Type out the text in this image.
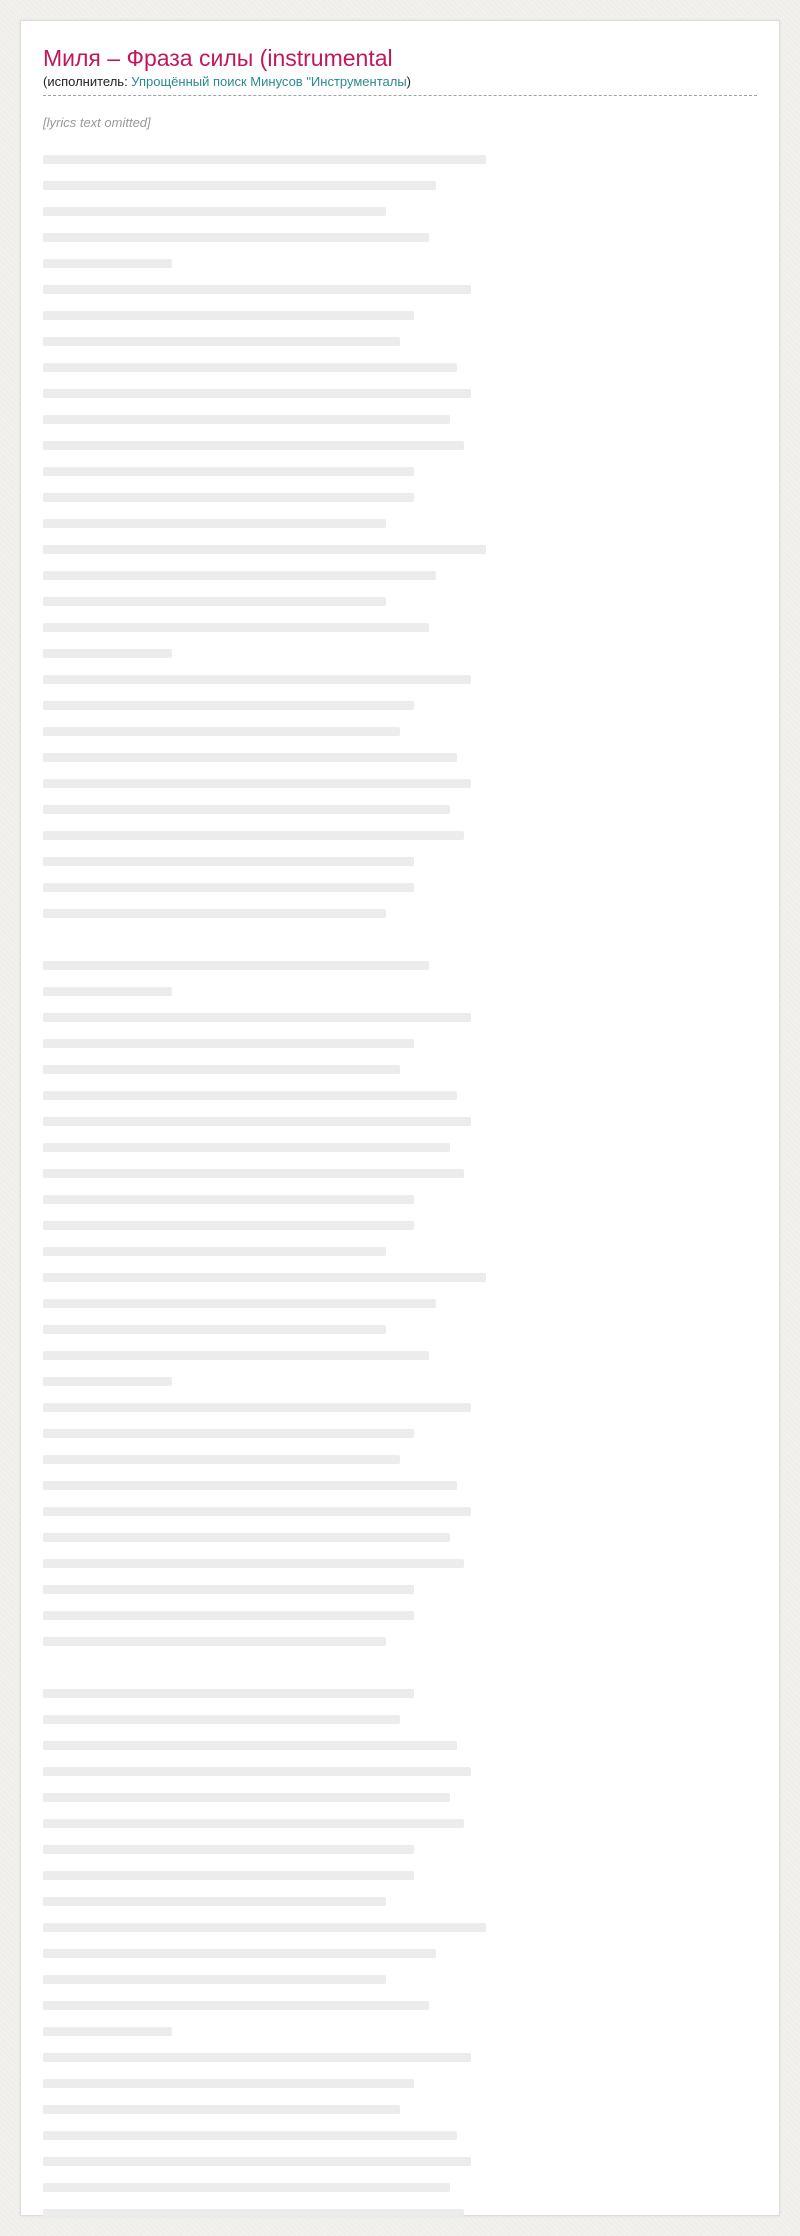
Миля – Фраза силы (instrumental
(исполнитель: Упрощённый поиск Минусов "Инструменталы)

[lyrics text omitted]
